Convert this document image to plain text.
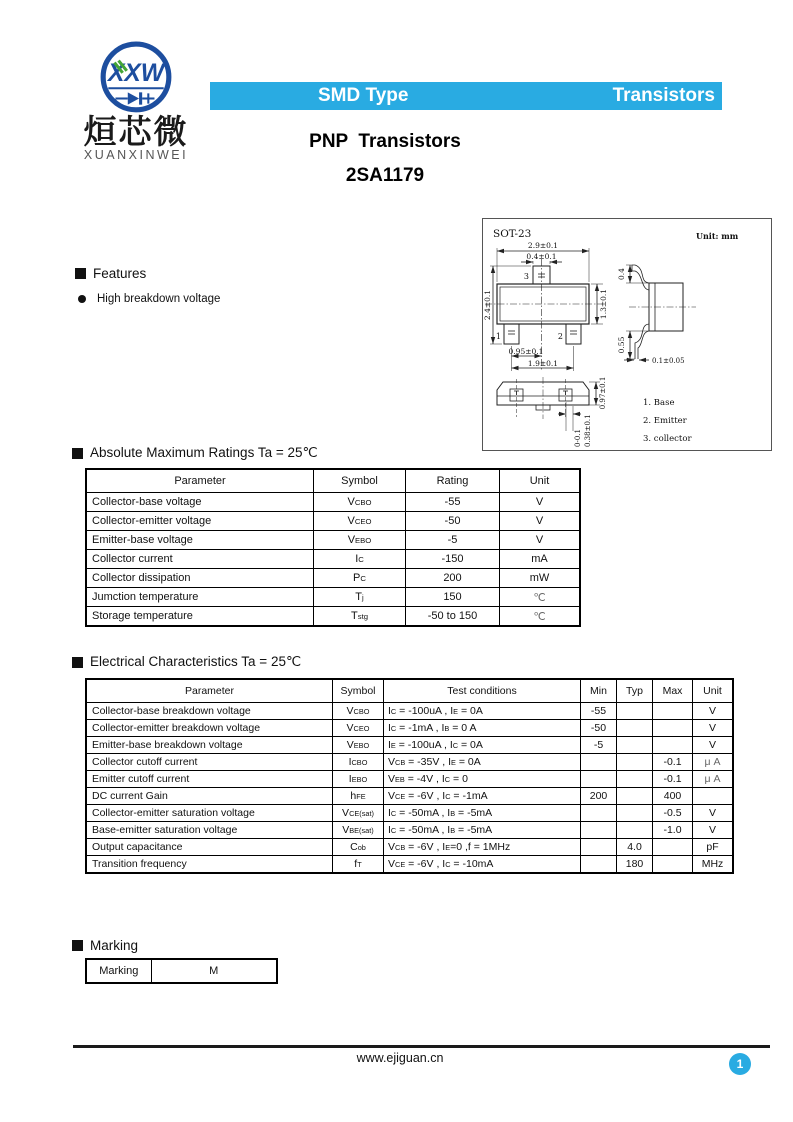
XXW
烜芯微
XUANXINWEI
SMD Type	Transistors
PNP  Transistors
2SA1179
SOT-23	Unit: mm
3
1	2
2.9±0.1
0.4±0.1
2.4±0.1	1.3±0.1
0.95±0.1
1.9±0.1
0.4
0.55
0.1±0.05
0.97±0.1
0-0.1 0.38±0.1
1. Base
2. Emitter
3. collector
Features
High breakdown voltage
Absolute Maximum Ratings Ta = 25℃
Parameter	Symbol	Rating	Unit
Collector-base voltage	VCBO	-55	V
Collector-emitter voltage	VCEO	-50	V
Emitter-base voltage	VEBO	-5	V
Collector current	IC	-150	mA
Collector dissipation	PC	200	mW
Jumction temperature	Tj	150	℃
Storage temperature	Tstg	-50 to 150	℃
Electrical Characteristics Ta = 25℃
Parameter	Symbol	Test conditions	Min	Typ	Max	Unit
Collector-base breakdown voltage	VCBO	IC = -100uA , IE = 0A	-55			V
Collector-emitter breakdown voltage	VCEO	IC = -1mA , IB = 0 A	-50			V
Emitter-base breakdown voltage	VEBO	IE = -100uA , IC = 0A	-5			V
Collector cutoff current	ICBO	VCB = -35V , IE = 0A			-0.1	μ A
Emitter cutoff current	IEBO	VEB = -4V , IC = 0			-0.1	μ A
DC current Gain	hFE	VCE = -6V , IC = -1mA	200		400	
Collector-emitter saturation voltage	VCE(sat)	IC = -50mA , IB = -5mA			-0.5	V
Base-emitter saturation voltage	VBE(sat)	IC = -50mA , IB = -5mA			-1.0	V
Output capacitance	Cob	VCB = -6V , IE=0 ,f = 1MHz		4.0		pF
Transition frequency	fT	VCE = -6V , IC = -10mA		180		MHz
Marking
Marking	M
www.ejiguan.cn	1
